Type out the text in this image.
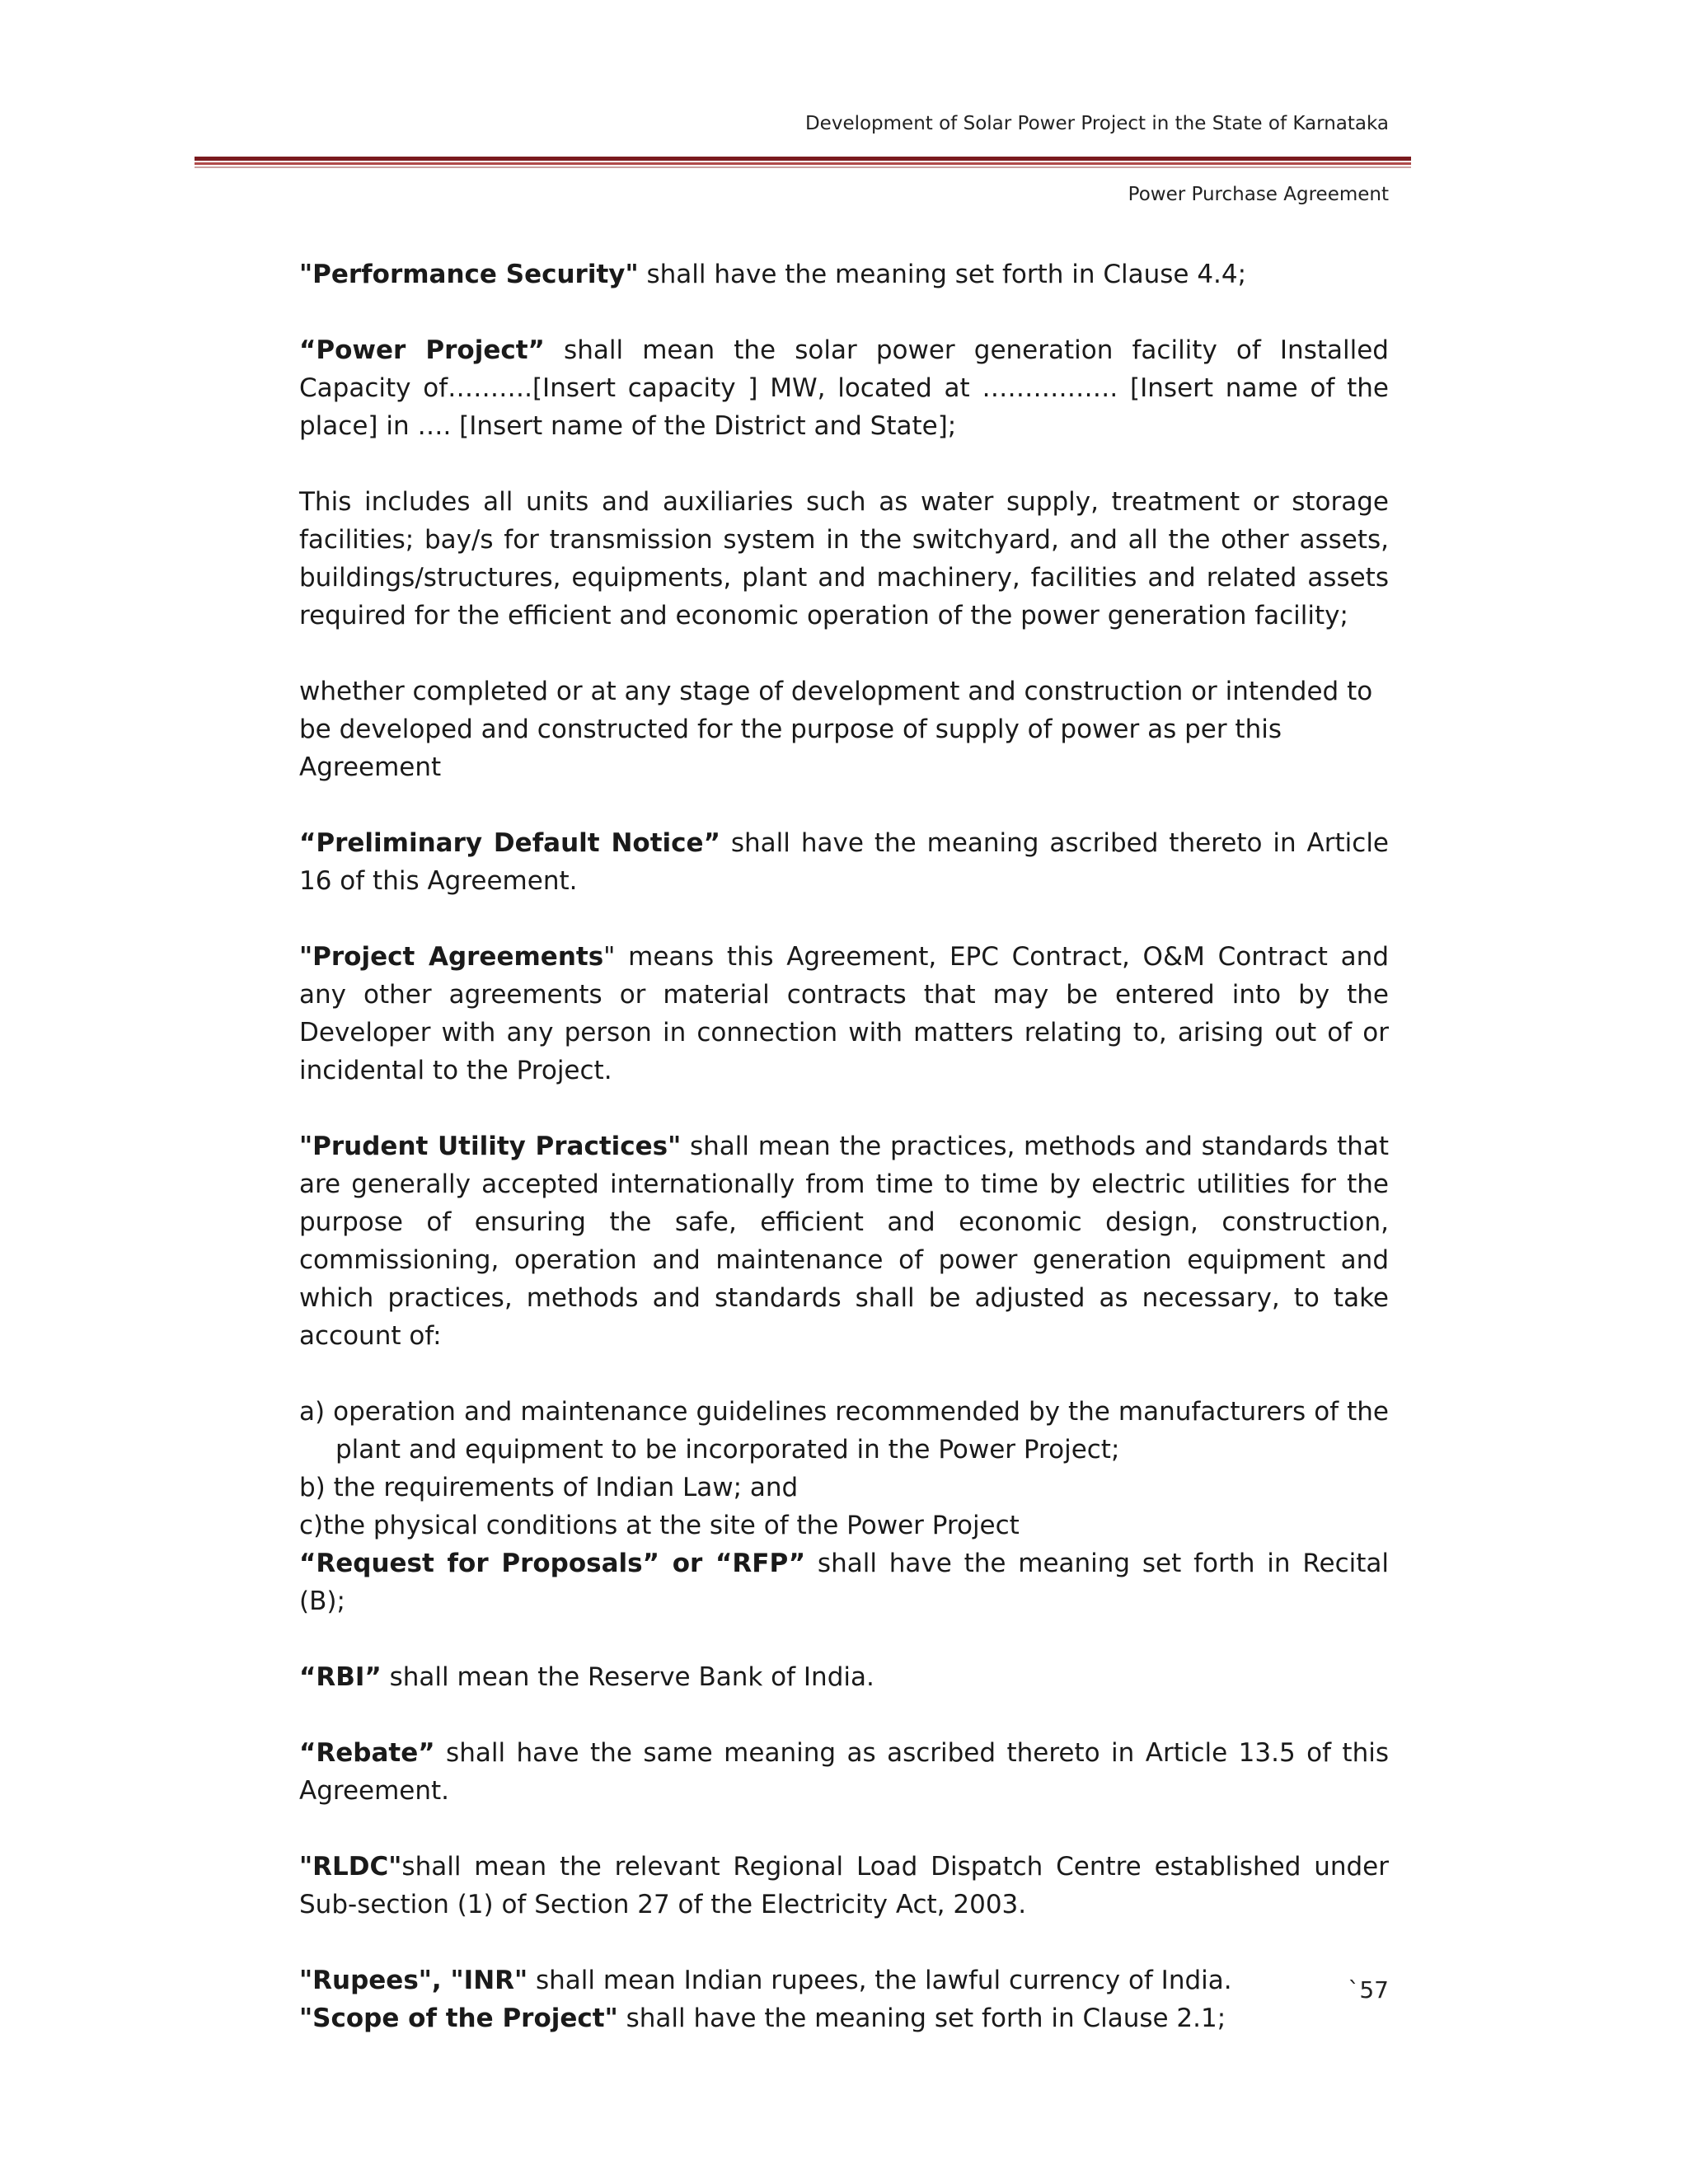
Development of Solar Power Project in the State of Karnataka
Power Purchase Agreement

"Performance Security" shall have the meaning set forth in Clause 4.4;

“Power Project” shall mean the solar power generation facility of Installed Capacity of……….[Insert capacity ] MW, located at ……………. [Insert name of the place] in …. [Insert name of the District and State];

This includes all units and auxiliaries such as water supply, treatment or storage facilities; bay/s for transmission system in the switchyard, and all the other assets, buildings/structures, equipments, plant and machinery, facilities and related assets required for the efficient and economic operation of the power generation facility;

whether completed or at any stage of development and construction or intended to be developed and constructed for the purpose of supply of power as per this Agreement

“Preliminary Default Notice” shall have the meaning ascribed thereto in Article 16 of this Agreement.

"Project Agreements" means this Agreement, EPC Contract, O&M Contract and any other agreements or material contracts that may be entered into by the Developer with any person in connection with matters relating to, arising out of or incidental to the Project.

"Prudent Utility Practices" shall mean the practices, methods and standards that are generally accepted internationally from time to time by electric utilities for the purpose of ensuring the safe, efficient and economic design, construction, commissioning, operation and maintenance of power generation equipment and which practices, methods and standards shall be adjusted as necessary, to take account of:

a) operation and maintenance guidelines recommended by the manufacturers of the plant and equipment to be incorporated in the Power Project;

b) the requirements of Indian Law; and

c)the physical conditions at the site of the Power Project

“Request for Proposals” or “RFP” shall have the meaning set forth in Recital (B);

“RBI” shall mean the Reserve Bank of India.

“Rebate” shall have the same meaning as ascribed thereto in Article 13.5 of this Agreement.

"RLDC"shall mean the relevant Regional Load Dispatch Centre established under Sub-section (1) of Section 27 of the Electricity Act, 2003.

"Rupees", "INR" shall mean Indian rupees, the lawful currency of India.

"Scope of the Project" shall have the meaning set forth in Clause 2.1;

`57
